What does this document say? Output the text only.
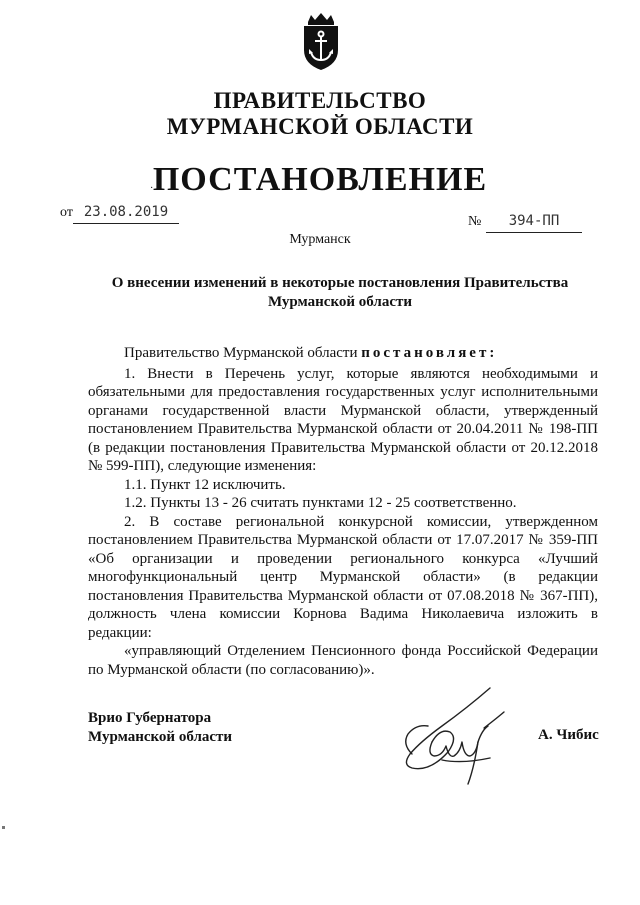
ПРАВИТЕЛЬСТВО
МУРМАНСКОЙ ОБЛАСТИ
ПОСТАНОВЛЕНИЕ
·
от 23.08.2019
№	394-ПП
Мурманск
О внесении изменений в некоторые постановления Правительства Мурманской области

Правительство Мурманской области постановляет:

1. Внести в Перечень услуг, которые являются необходимыми и обязательными для предоставления государственных услуг исполнительными органами государственной власти Мурманской области, утвержденный постановлением Правительства Мурманской области от 20.04.2011 № 198-ПП (в редакции постановления Правительства Мурманской области от 20.12.2018 № 599-ПП), следующие изменения:

1.1. Пункт 12 исключить.

1.2. Пункты 13 - 26 считать пунктами 12 - 25 соответственно.

2. В составе региональной конкурсной комиссии, утвержденном постановлением Правительства Мурманской области от 17.07.2017 № 359-ПП «Об организации и проведении регионального конкурса «Лучший многофункциональный центр Мурманской области» (в редакции постановления Правительства Мурманской области от 07.08.2018 № 367-ПП), должность члена комиссии Корнова Вадима Николаевича изложить в редакции:

«управляющий Отделением Пенсионного фонда Российской Федерации по Мурманской области (по согласованию)».

Врио Губернатора
Мурманской области	А. Чибис
